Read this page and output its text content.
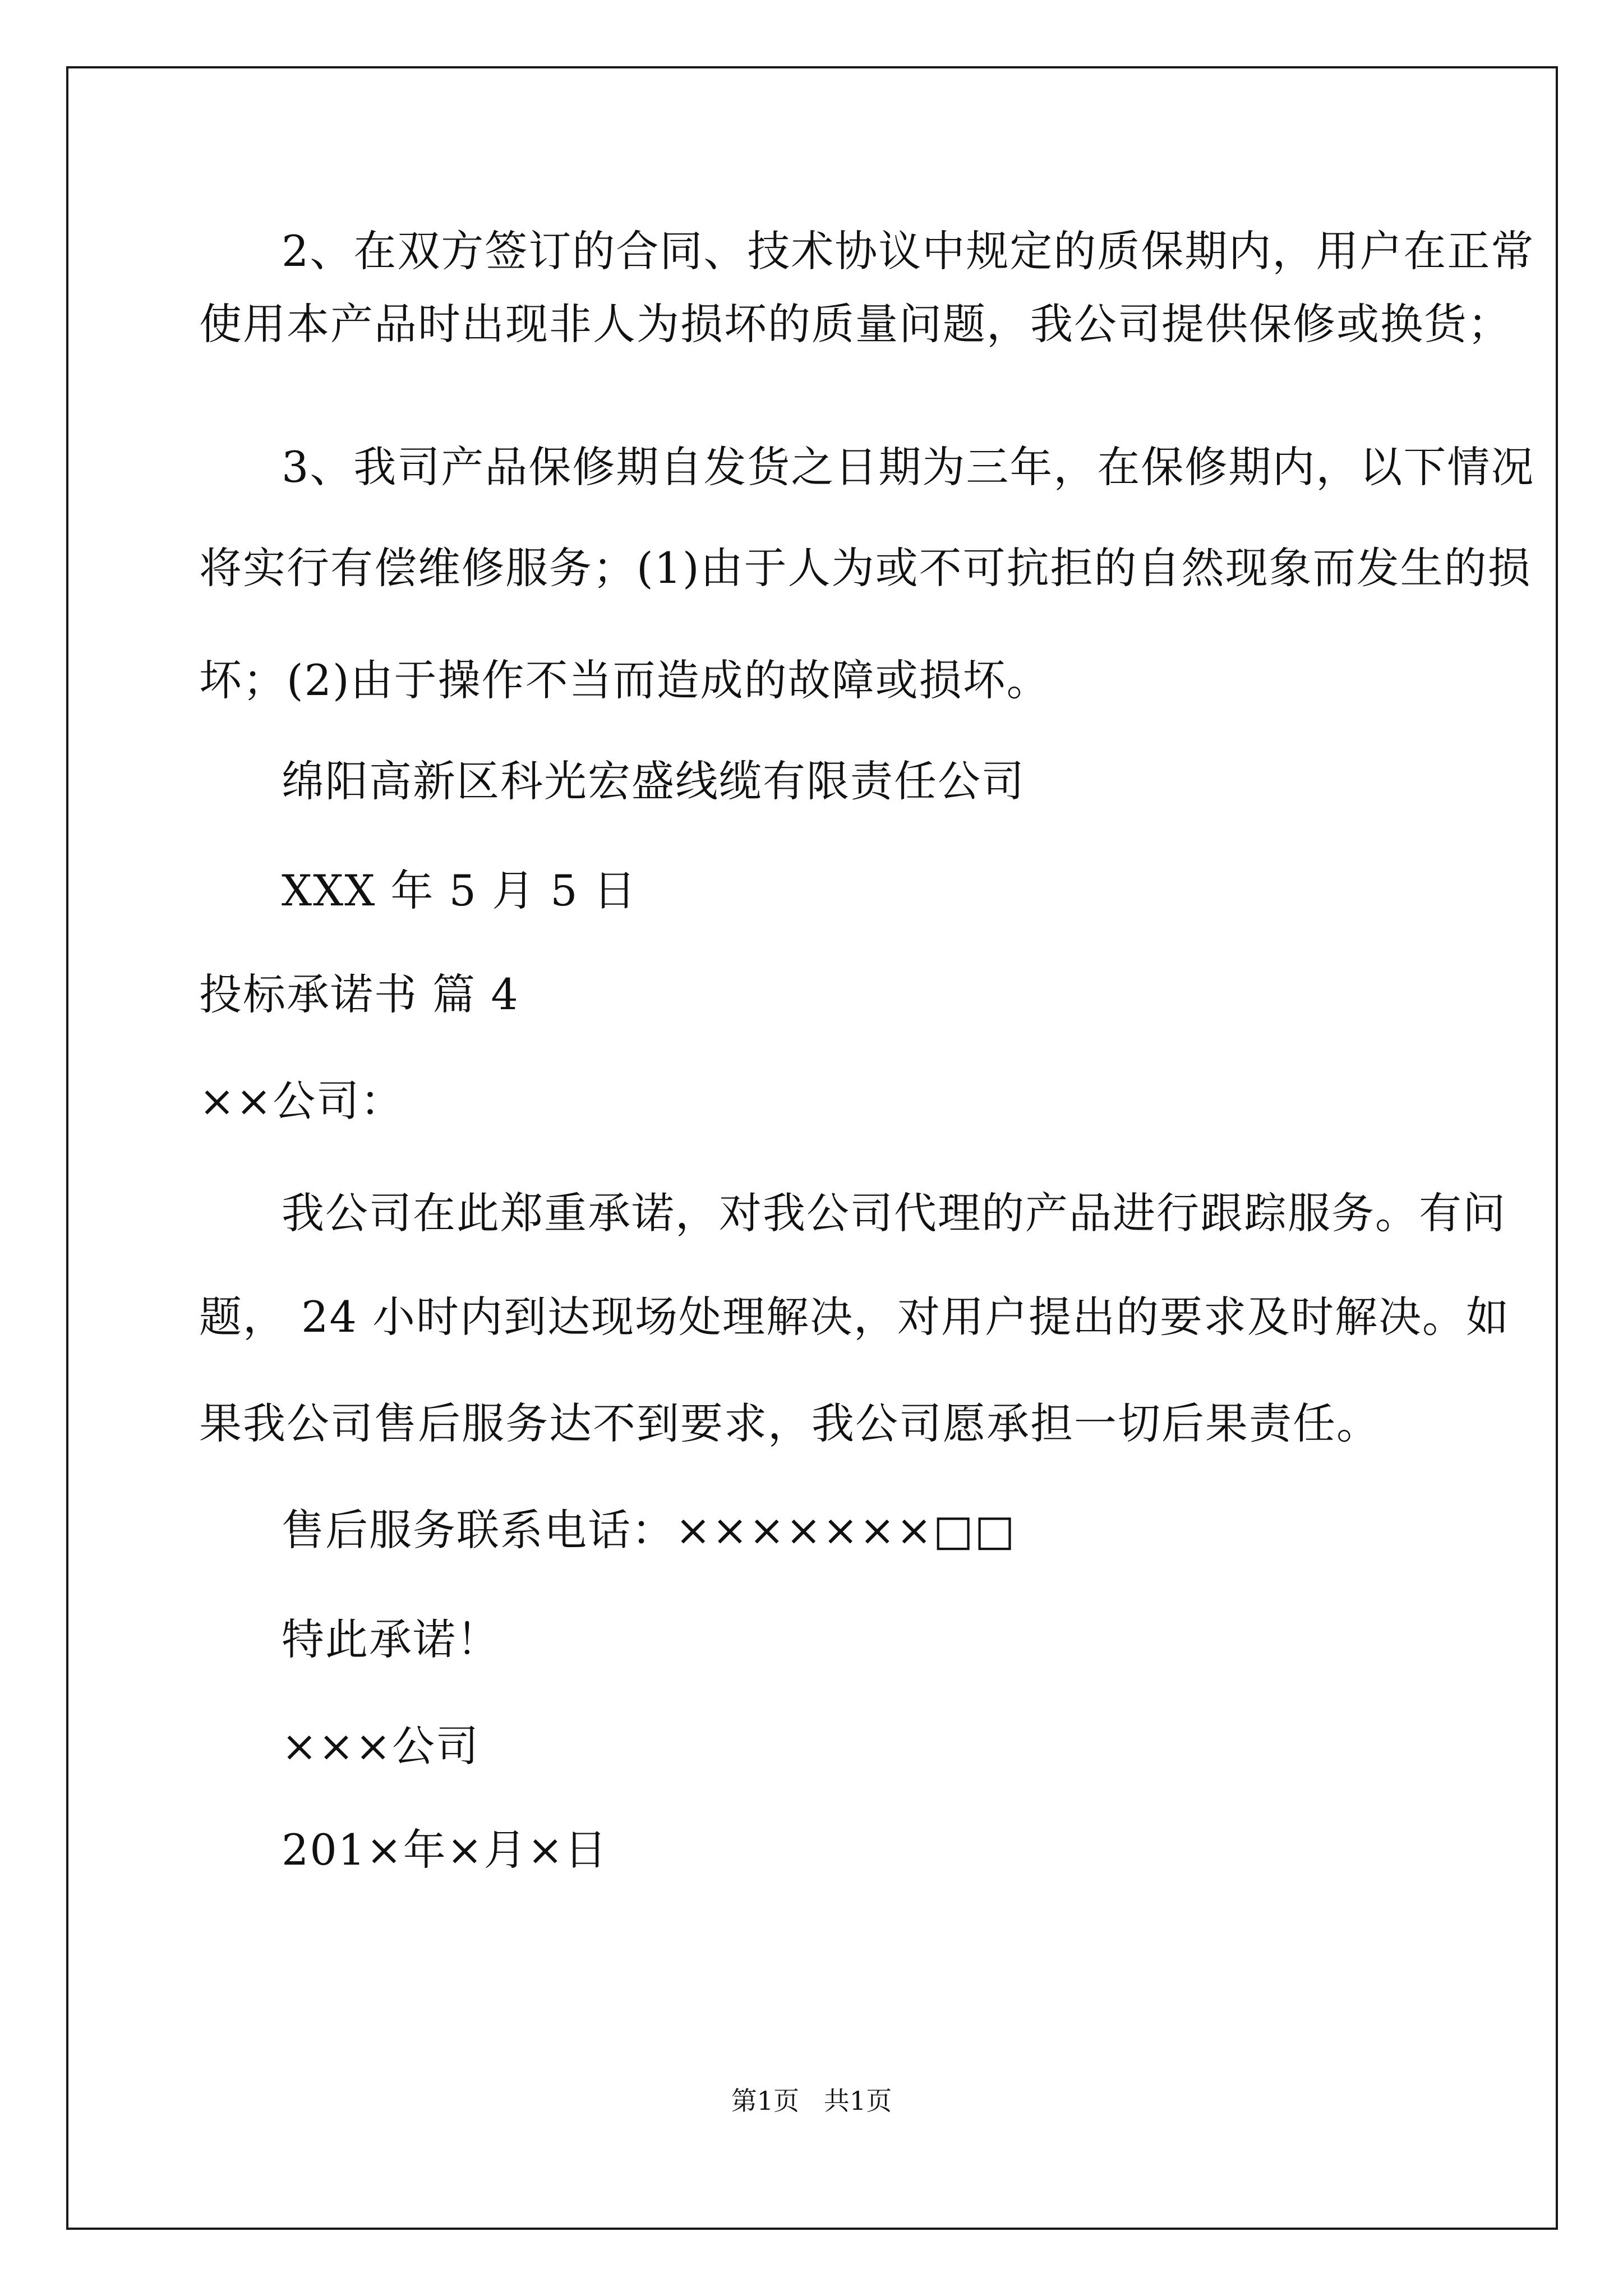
2、在双方签订的合同、技术协议中规定的质保期内，用户在正常
使用本产品时出现非人为损坏的质量问题，我公司提供保修或换货；
3、我司产品保修期自发货之日期为三年，在保修期内，以下情况
将实行有偿维修服务；(1)由于人为或不可抗拒的自然现象而发生的损
坏；(2)由于操作不当而造成的故障或损坏。
绵阳高新区科光宏盛线缆有限责任公司
XXX 年 5 月 5 日
投标承诺书 篇 4
××公司：
我公司在此郑重承诺，对我公司代理的产品进行跟踪服务。有问
题， 24 小时内到达现场处理解决，对用户提出的要求及时解决。如
果我公司售后服务达不到要求，我公司愿承担一切后果责任。
售后服务联系电话：×××××××□□
特此承诺！
×××公司
201×年×月×日
第1页   共1页
